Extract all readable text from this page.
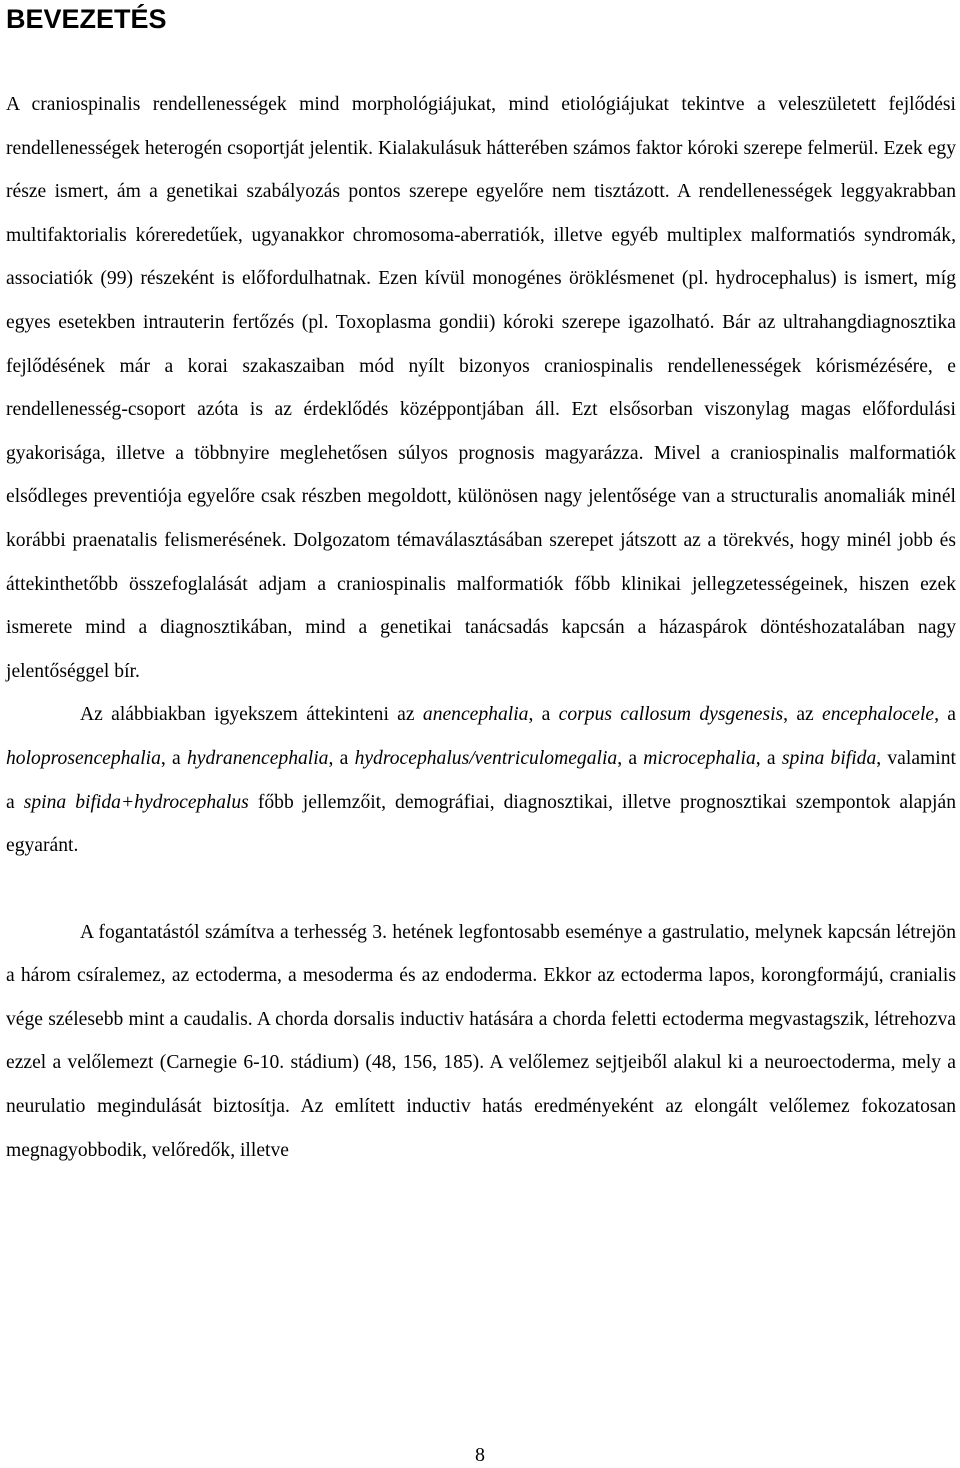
BEVEZETÉS

A craniospinalis rendellenességek mind morphológiájukat, mind etiológiájukat tekintve a veleszületett fejlődési rendellenességek heterogén csoportját jelentik. Kialakulásuk hátterében számos faktor kóroki szerepe felmerül. Ezek egy része ismert, ám a genetikai szabályozás pontos szerepe egyelőre nem tisztázott. A rendellenességek leggyakrabban multifaktorialis kóreredetűek, ugyanakkor chromosoma-aberratiók, illetve egyéb multiplex malformatiós syndromák, associatiók (99) részeként is előfordulhatnak. Ezen kívül monogénes öröklésmenet (pl. hydrocephalus) is ismert, míg egyes esetekben intrauterin fertőzés (pl. Toxoplasma gondii) kóroki szerepe igazolható. Bár az ultrahangdiagnosztika fejlődésének már a korai szakaszaiban mód nyílt bizonyos craniospinalis rendellenességek kórismézésére, e rendellenesség-csoport azóta is az érdeklődés középpontjában áll. Ezt elsősorban viszonylag magas előfordulási gyakorisága, illetve a többnyire meglehetősen súlyos prognosis magyarázza. Mivel a craniospinalis malformatiók elsődleges preventiója egyelőre csak részben megoldott, különösen nagy jelentősége van a structuralis anomaliák minél korábbi praenatalis felismerésének. Dolgozatom témaválasztásában szerepet játszott az a törekvés, hogy minél jobb és áttekinthetőbb összefoglalását adjam a craniospinalis malformatiók főbb klinikai jellegzetességeinek, hiszen ezek ismerete mind a diagnosztikában, mind a genetikai tanácsadás kapcsán a házaspárok döntéshozatalában nagy jelentőséggel bír.

Az alábbiakban igyekszem áttekinteni az anencephalia, a corpus callosum dysgenesis, az encephalocele, a holoprosencephalia, a hydranencephalia, a hydrocephalus/ventriculomegalia, a microcephalia, a spina bifida, valamint a spina bifida+hydrocephalus főbb jellemzőit, demográfiai, diagnosztikai, illetve prognosztikai szempontok alapján egyaránt.

A fogantatástól számítva a terhesség 3. hetének legfontosabb eseménye a gastrulatio, melynek kapcsán létrejön a három csíralemez, az ectoderma, a mesoderma és az endoderma. Ekkor az ectoderma lapos, korongformájú, cranialis vége szélesebb mint a caudalis. A chorda dorsalis inductiv hatására a chorda feletti ectoderma megvastagszik, létrehozva ezzel a velőlemezt (Carnegie 6-10. stádium) (48, 156, 185). A velőlemez sejtjeiből alakul ki a neuroectoderma, mely a neurulatio megindulását biztosítja. Az említett inductiv hatás eredményeként az elongált velőlemez fokozatosan megnagyobbodik, velőredők, illetve

8
